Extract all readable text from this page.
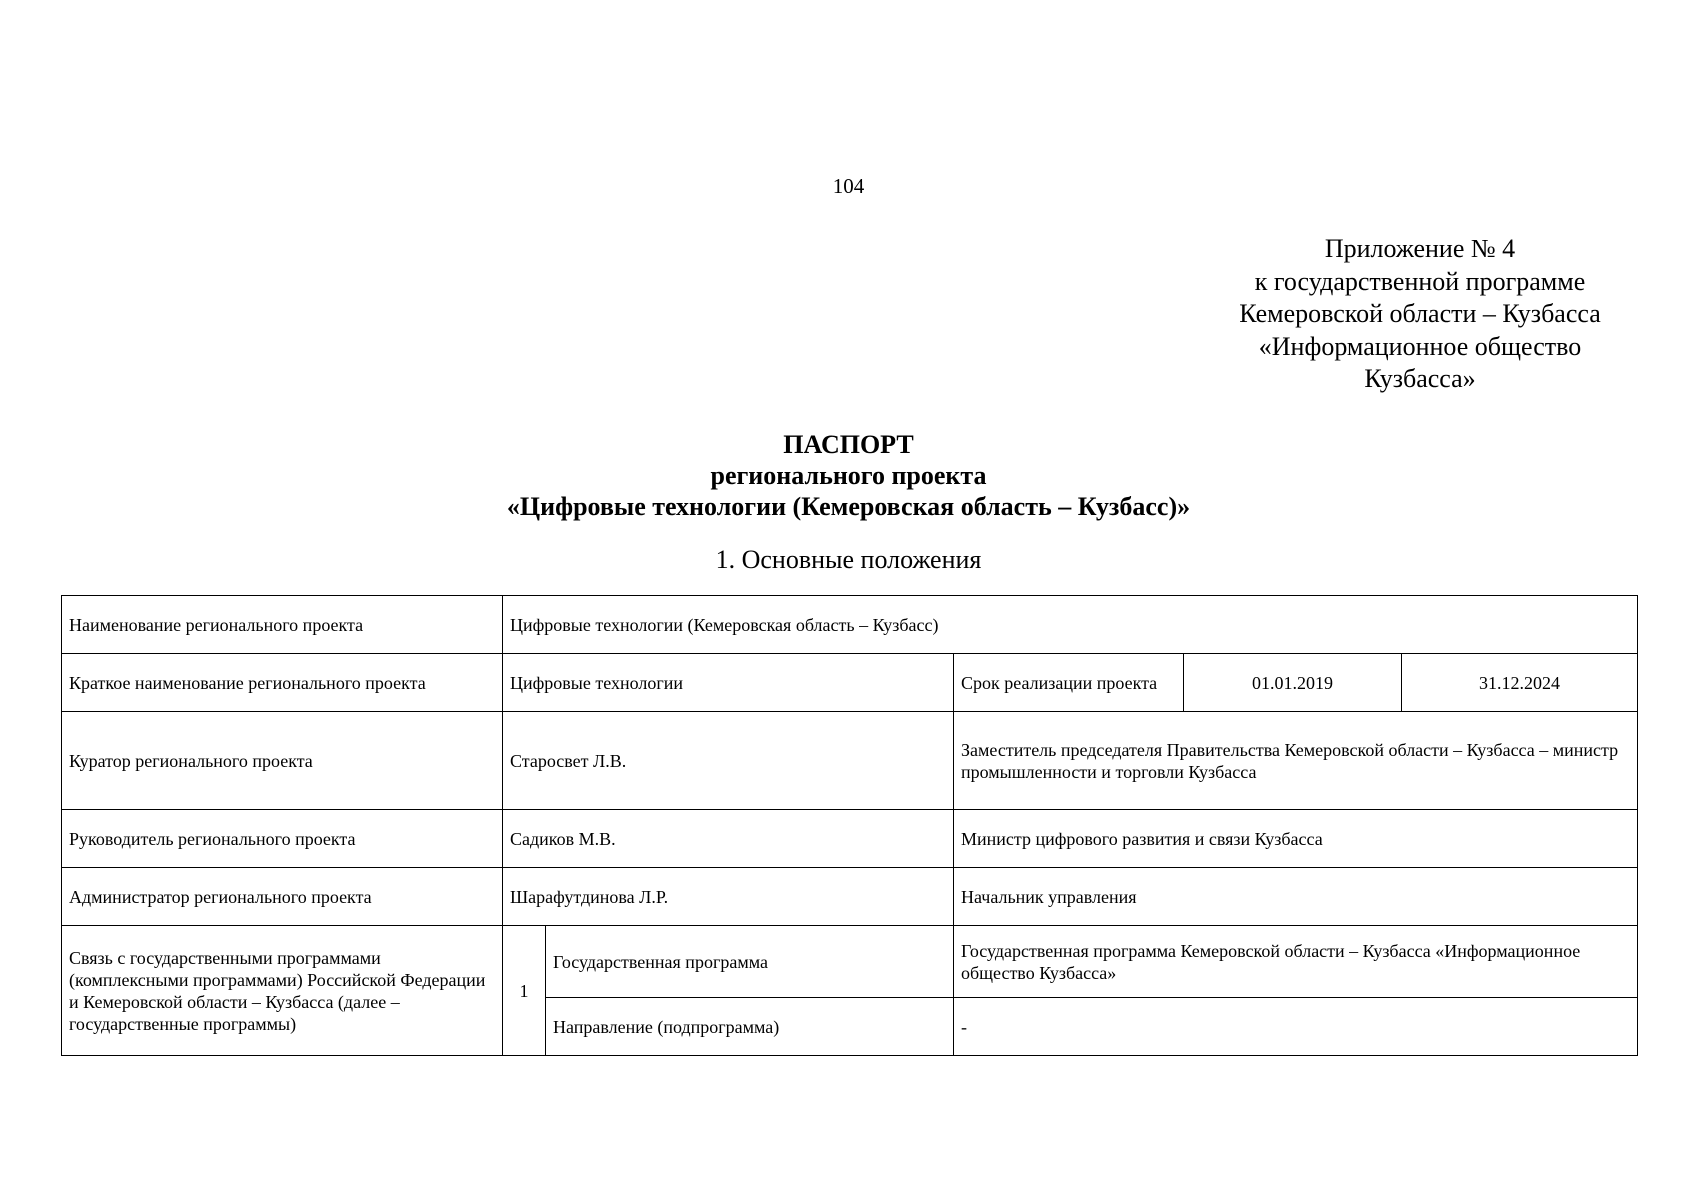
104
Приложение № 4
к государственной программе
Кемеровской области – Кузбасса
«Информационное общество
Кузбасса»
ПАСПОРТ
регионального проекта
«Цифровые технологии (Кемеровская область – Кузбасс)»
1. Основные положения
Наименование регионального проекта	Цифровые технологии (Кемеровская область – Кузбасс)				
Краткое наименование регионального проекта	Цифровые технологии		Срок реализации проекта	01.01.2019	31.12.2024
Куратор регионального проекта	Старосвет Л.В.		Заместитель председателя Правительства Кемеровской области – Кузбасса – министр промышленности и торговли Кузбасса		
Руководитель регионального проекта	Садиков М.В.		Министр цифрового развития и связи Кузбасса		
Администратор регионального проекта	Шарафутдинова Л.Р.		Начальник управления		
Связь с государственными программами (комплексными программами) Российской Федерации и Кемеровской области – Кузбасса (далее – государственные программы)	1	Государственная программа	Государственная программа Кемеровской области – Кузбасса «Информационное общество Кузбасса»		
		Направление (подпрограмма)	-		
